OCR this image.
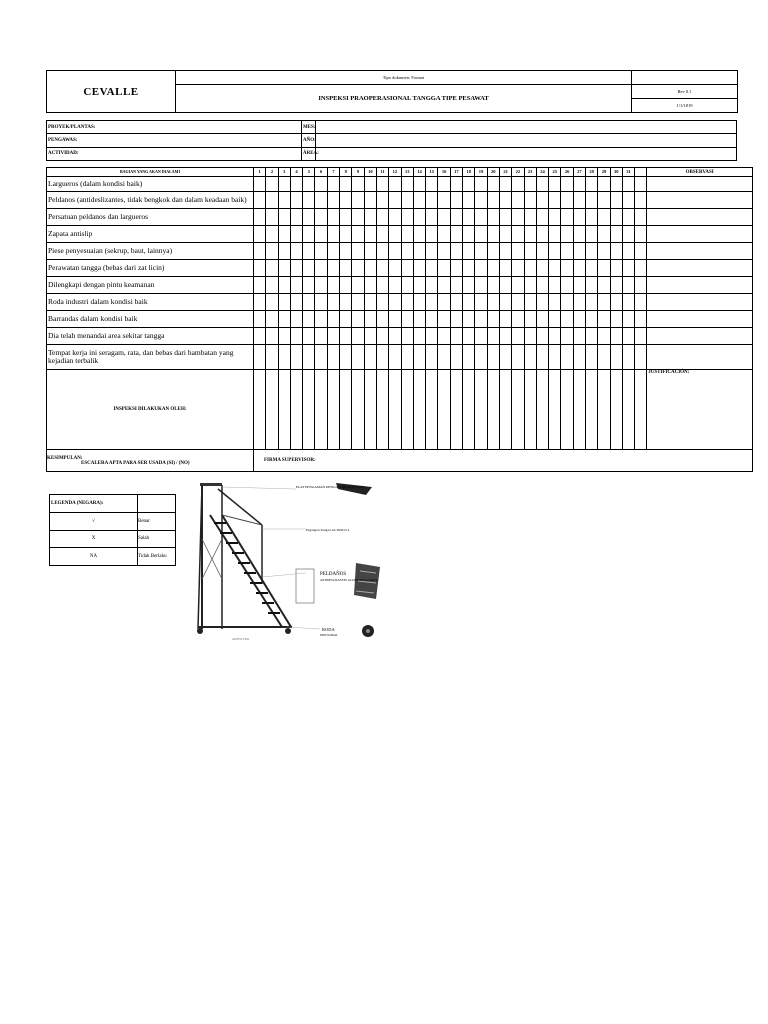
CEVALLE	Tipo dokumen: Format	
	INSPEKSI PRAOPERASIONAL TANGGA TIPE PESAWAT	Rev 0.1
		1/1/1819
PROYEK/PLANTAS:	MES:	
PENGAWAS:	AÑO:	
ACTIVIDAD:	ÁREA:	
BAGIAN YANG AKAN DIALAMI	1	2	3	4	5	6	7	8	9	10	11	12	13	14	15	16	17	18	19	20	21	22	23	24	25	26	27	28	29	30	31		OBSERVASI
Largueros (dalam kondisi baik)																																	
Peldanos (antideslizantes, tidak bengkok dan dalam keadaan baik)																																	
Persatuan peldanos dan largueros																																	
Zapata antislip																																	
Piese penyesuaian (sekrup, baut, lainnya)																																	
Perawatan tangga (bebas dari zat licin)																																	
Dilengkapi dengan pintu keamanan																																	
Roda industri dalam kondisi baik																																	
Barrandas dalam kondisi baik																																	
Dia telah menandai area sekitar tangga																																	
Tempat kerja ini seragam, rata, dan bebas dari hambatan yang kejadian terbalik																																	
INSPEKSI DILAKUKAN OLEH:																																	JUSTIFICACIÓN:
KESIMPULAN:
ESCALERA APTA PARA SER USADA (SI) / (NO)	FIRMA SUPERVISOR:																																
LEGENDA (NEGARA):	
√	Benar
X	Salah
NA	Tidak Berlaku
PLAT PENGAMAN DENGAN BEAD NYLON
Pegangan Tangan ACTRICO 4
PELDAÑOS
ANTIDESLIZANTES ALUMINIUM AN-BUR
RODA
INDUSTRIAL
APOYO FIJO
